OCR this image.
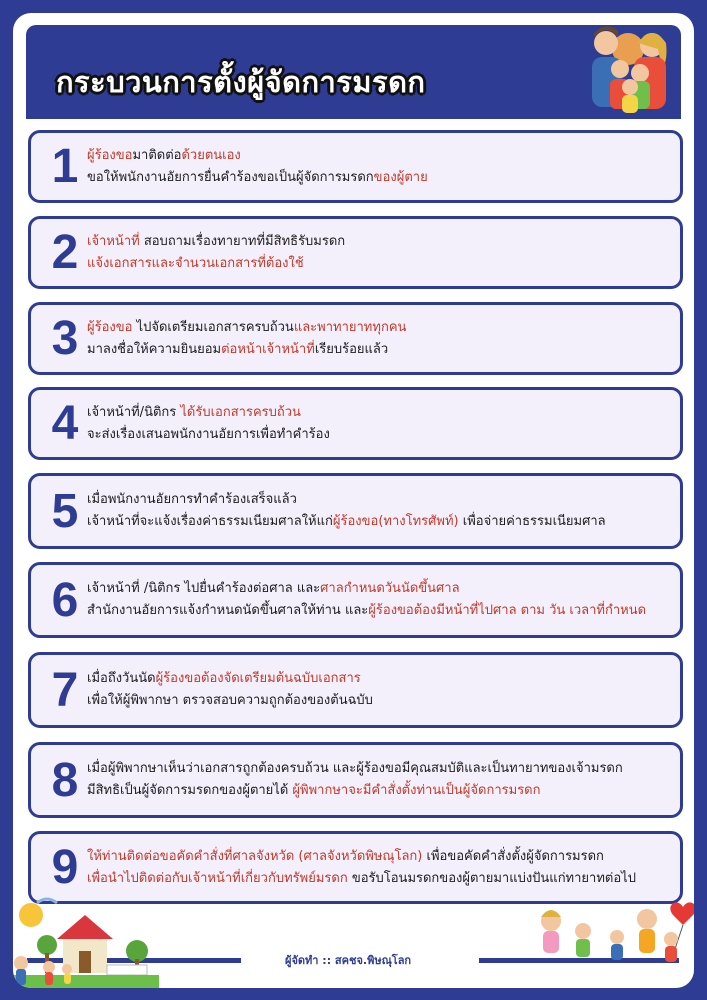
กระบวนการตั้งผู้จัดการมรดก
1 ผู้ร้องขอมาติดต่อด้วยตนเอง
ขอให้พนักงานอัยการยื่นคำร้องขอเป็นผู้จัดการมรดกของผู้ตาย
2 เจ้าหน้าที่ สอบถามเรื่องทายาทที่มีสิทธิรับมรดก
แจ้งเอกสารและจำนวนเอกสารที่ต้องใช้
3 ผู้ร้องขอ ไปจัดเตรียมเอกสารครบถ้วนและพาทายาททุกคน
มาลงชื่อให้ความยินยอมต่อหน้าเจ้าหน้าที่เรียบร้อยแล้ว
4 เจ้าหน้าที่/นิติกร ได้รับเอกสารครบถ้วน
จะส่งเรื่องเสนอพนักงานอัยการเพื่อทำคำร้อง
5 เมื่อพนักงานอัยการทำคำร้องเสร็จแล้ว
เจ้าหน้าที่จะแจ้งเรื่องค่าธรรมเนียมศาลให้แก่ผู้ร้องขอ(ทางโทรศัพท์) เพื่อจ่ายค่าธรรมเนียมศาล
6 เจ้าหน้าที่ /นิติกร ไปยื่นคำร้องต่อศาล และศาลกำหนดวันนัดขึ้นศาล
สำนักงานอัยการแจ้งกำหนดนัดขึ้นศาลให้ท่าน และผู้ร้องขอต้องมีหน้าที่ไปศาล ตาม วัน เวลาที่กำหนด
7 เมื่อถึงวันนัดผู้ร้องขอต้องจัดเตรียมต้นฉบับเอกสาร
เพื่อให้ผู้พิพากษา ตรวจสอบความถูกต้องของต้นฉบับ
8 เมื่อผู้พิพากษาเห็นว่าเอกสารถูกต้องครบถ้วน และผู้ร้องขอมีคุณสมบัติและเป็นทายาทของเจ้ามรดก
มีสิทธิเป็นผู้จัดการมรดกของผู้ตายได้ ผู้พิพากษาจะมีคำสั่งตั้งท่านเป็นผู้จัดการมรดก
9 ให้ท่านติดต่อขอคัดคำสั่งที่ศาลจังหวัด (ศาลจังหวัดพิษณุโลก) เพื่อขอคัดคำสั่งตั้งผู้จัดการมรดก
เพื่อนำไปติดต่อกับเจ้าหน้าที่เกี่ยวกับทรัพย์มรดก ขอรับโอนมรดกของผู้ตายมาแบ่งปันแก่ทายาทต่อไป
ผู้จัดทำ :: สคชจ.พิษณุโลก
